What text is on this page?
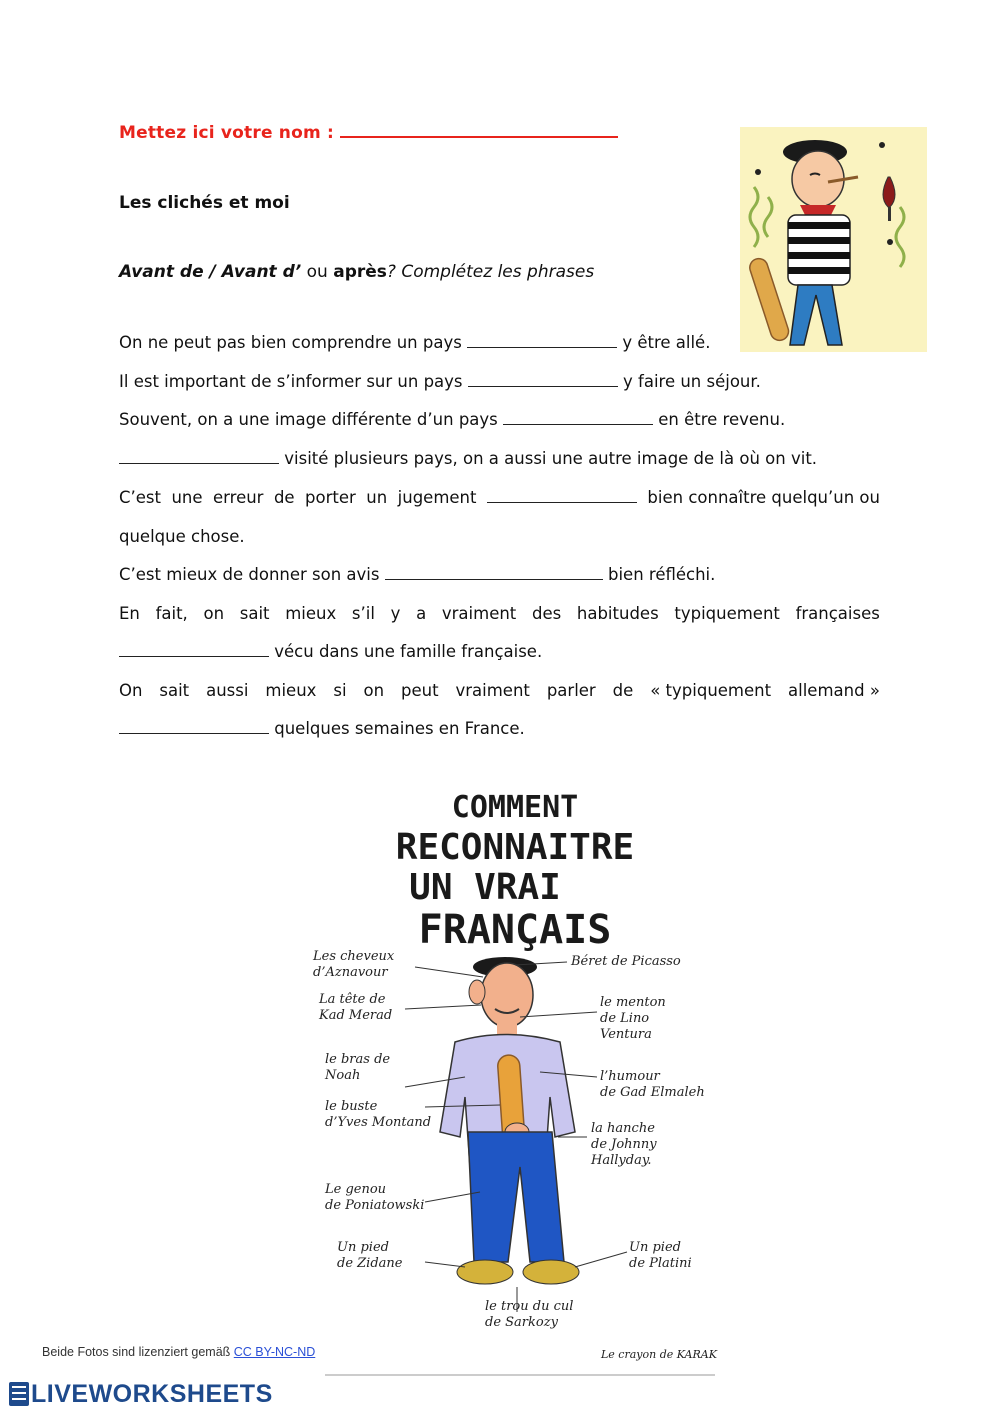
Mettez ici votre nom :
Les clichés et moi
Avant de / Avant d’ ou après? Complétez les phrases
On ne peut pas bien comprendre un pays	y être allé.
Il est important de s’informer sur un pays	y faire un séjour.
Souvent, on a une image différente d’un pays	en être revenu.
visité plusieurs pays, on a aussi une autre image de là où on vit.
C’est une erreur de porter un jugement	bien connaître quelqu’un ou
quelque chose.
C’est mieux de donner son avis	bien réfléchi.
En fait, on sait mieux s’il y a vraiment des habitudes typiquement françaises
vécu dans une famille française.
On sait aussi mieux si on peut vraiment parler de « typiquement allemand »
quelques semaines en France.
COMMENT
RECONNAITRE
UN VRAI
FRANÇAIS
Les cheveux
d’Aznavour
La tête de
Kad Merad
le bras de
Noah
le buste
d’Yves Montand
Le genou
de Poniatowski
Un pied
de Zidane
Béret de Picasso
le menton
de Lino
Ventura
l’humour
de Gad Elmaleh
la hanche
de Johnny
Hallyday.
Un pied
de Platini
le trou du cul
de Sarkozy
Le crayon de KARAK
Beide Fotos sind lizenziert gemäß CC BY-NC-ND
LIVEWORKSHEETS
